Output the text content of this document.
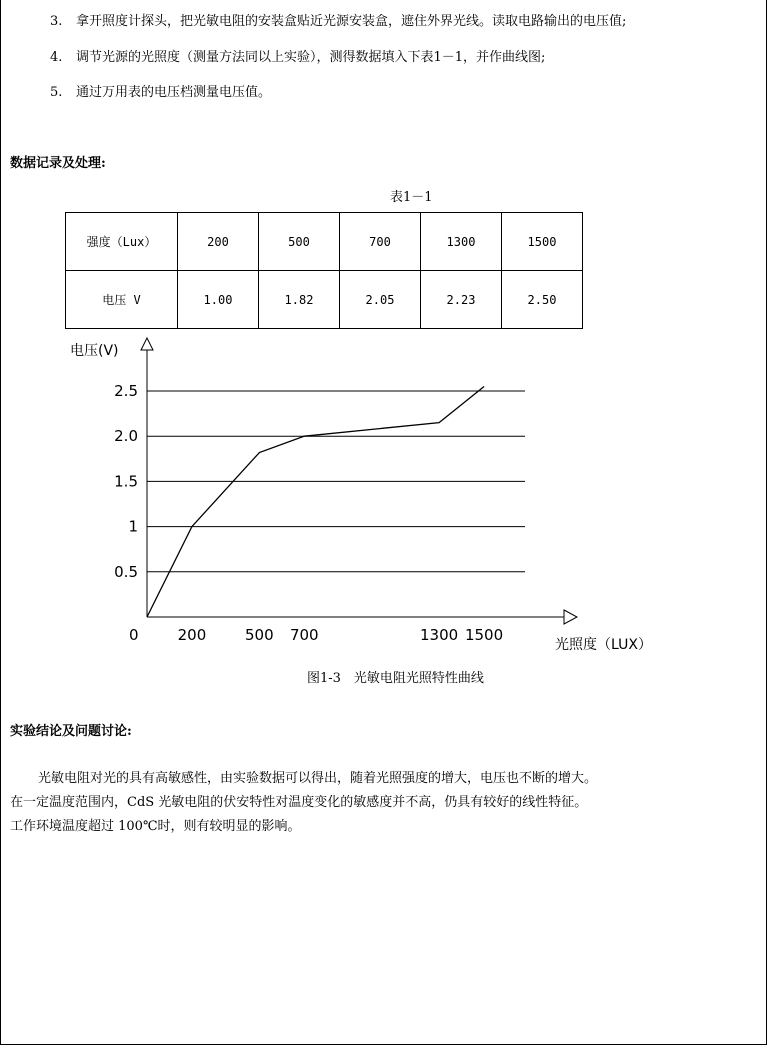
3. 拿开照度计探头，把光敏电阻的安装盒贴近光源安装盒，遮住外界光线。读取电路输出的电压值;
4. 调节光源的光照度（测量方法同以上实验），测得数据填入下表1－1，并作曲线图;
5. 通过万用表的电压档测量电压值。
数据记录及处理:
表1－1
强度（Lux）	200	500	700	1300	1500
电压 V	1.00	1.82	2.05	2.23	2.50
电压(V)
光照度（LUX）
0
0.5
1
1.5
2.0
2.5
200	500 700	1300 1500
图1-3　光敏电阻光照特性曲线
实验结论及问题讨论:
光敏电阻对光的具有高敏感性，由实验数据可以得出，随着光照强度的增大，电压也不断的增大。
在一定温度范围内，CdS 光敏电阻的伏安特性对温度变化的敏感度并不高，仍具有较好的线性特征。
工作环境温度超过 100℃时，则有较明显的影响。
